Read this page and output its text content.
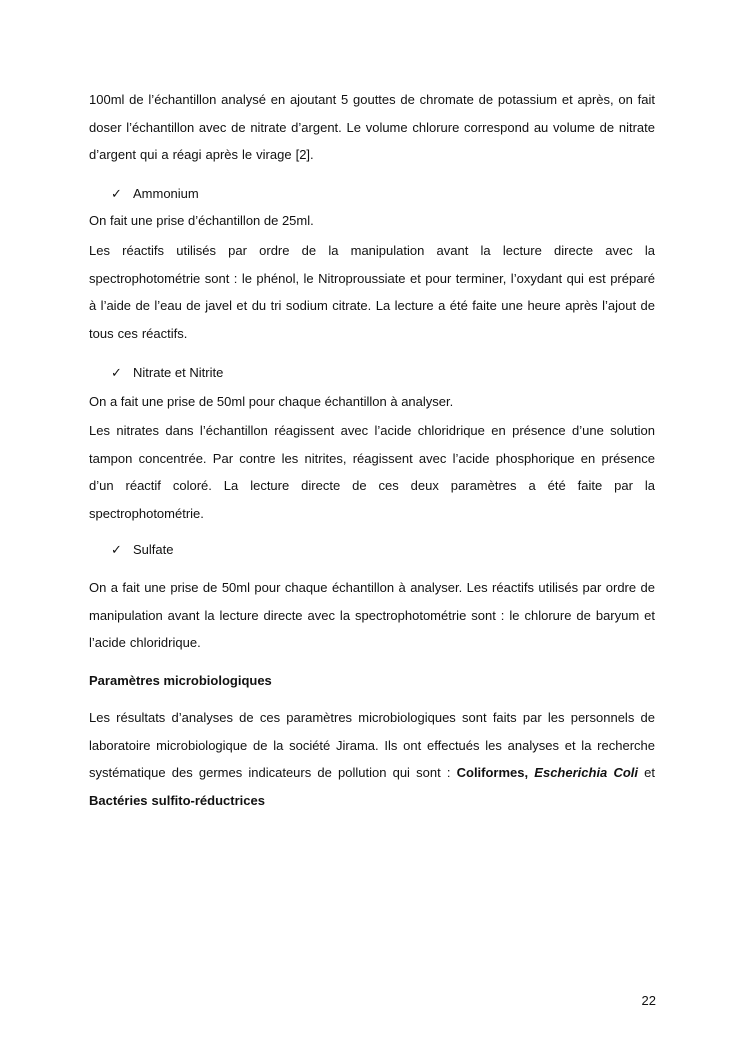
100ml de l’échantillon analysé en ajoutant 5 gouttes de chromate de potassium et après, on fait doser l’échantillon avec de nitrate d’argent. Le volume chlorure correspond au volume de nitrate d’argent qui a réagi après le virage [2].

✓ Ammonium

On fait une prise d’échantillon de 25ml.

Les réactifs utilisés par ordre de la manipulation avant la lecture directe avec la spectrophotométrie sont : le phénol, le Nitroproussiate et pour terminer, l’oxydant qui est préparé à l’aide de l’eau de javel et du tri sodium citrate. La lecture a été faite une heure après l’ajout de tous ces réactifs.

✓ Nitrate et Nitrite

On a fait une prise de 50ml pour chaque échantillon à analyser.

Les nitrates dans l’échantillon réagissent avec l’acide chloridrique en présence d’une solution tampon concentrée. Par contre les nitrites, réagissent avec l’acide phosphorique en présence d’un réactif coloré. La lecture directe de ces deux paramètres a été faite par la spectrophotométrie.

✓ Sulfate

On a fait une prise de 50ml pour chaque échantillon à analyser. Les réactifs utilisés par ordre de manipulation avant la lecture directe avec la spectrophotométrie sont : le chlorure de baryum et l’acide chloridrique.

Paramètres microbiologiques

Les résultats d’analyses de ces paramètres microbiologiques sont faits par les personnels de laboratoire microbiologique de la société Jirama. Ils ont effectués les analyses et la recherche systématique des germes indicateurs de pollution qui sont : Coliformes, Escherichia Coli et Bactéries sulfito-réductrices

22
